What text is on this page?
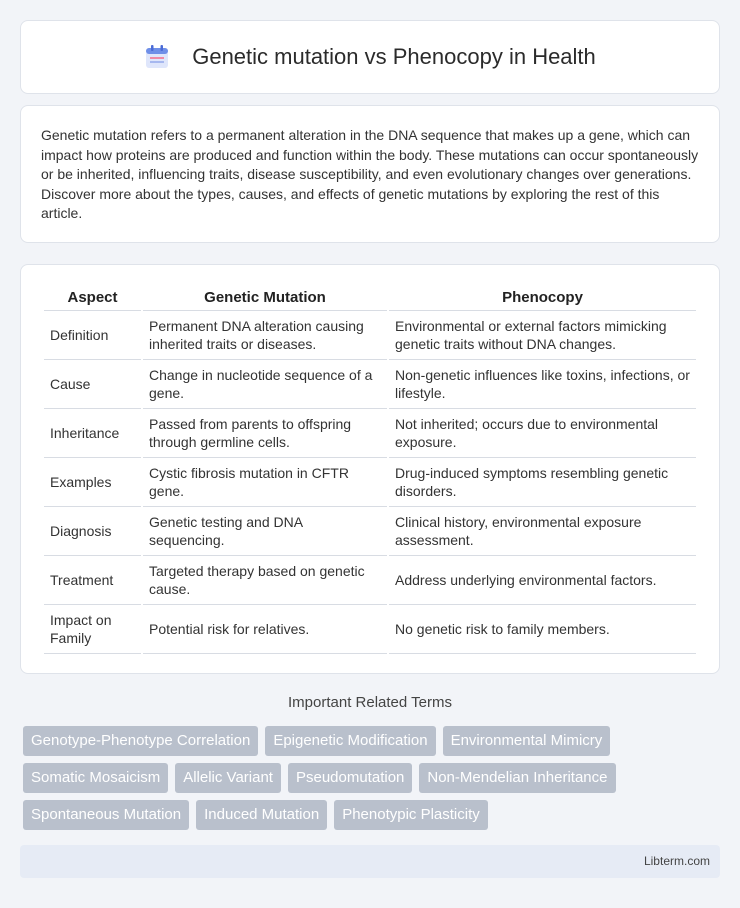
Genetic mutation vs Phenocopy in Health

Genetic mutation refers to a permanent alteration in the DNA sequence that makes up a gene, which can impact how proteins are produced and function within the body. These mutations can occur spontaneously or be inherited, influencing traits, disease susceptibility, and even evolutionary changes over generations. Discover more about the types, causes, and effects of genetic mutations by exploring the rest of this article.

Aspect	Genetic Mutation	Phenocopy
Definition	Permanent DNA alteration causing inherited traits or diseases.	Environmental or external factors mimicking genetic traits without DNA changes.
Cause	Change in nucleotide sequence of a gene.	Non-genetic influences like toxins, infections, or lifestyle.
Inheritance	Passed from parents to offspring through germline cells.	Not inherited; occurs due to environmental exposure.
Examples	Cystic fibrosis mutation in CFTR gene.	Drug-induced symptoms resembling genetic disorders.
Diagnosis	Genetic testing and DNA sequencing.	Clinical history, environmental exposure assessment.
Treatment	Targeted therapy based on genetic cause.	Address underlying environmental factors.
Impact on Family	Potential risk for relatives.	No genetic risk to family members.
Important Related Terms
Genotype-Phenotype Correlation	Epigenetic Modification	Environmental Mimicry
Somatic Mosaicism	Allelic Variant	Pseudomutation	Non-Mendelian Inheritance
Spontaneous Mutation	Induced Mutation	Phenotypic Plasticity
Libterm.com
